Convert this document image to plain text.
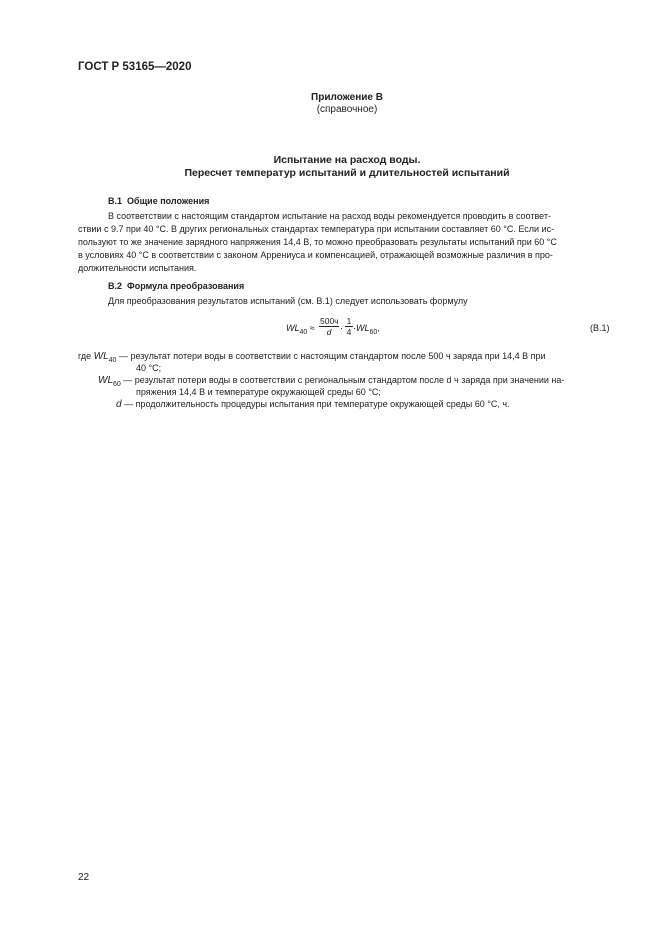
ГОСТ Р 53165—2020
Приложение В
(справочное)
Испытание на расход воды.
Пересчет температур испытаний и длительностей испытаний
В.1 Общие положения
В соответствии с настоящим стандартом испытание на расход воды рекомендуется проводить в соответ-
ствии с 9.7 при 40 °С. В других региональных стандартах температура при испытании составляет 60 °С. Если ис-
пользуют то же значение зарядного напряжения 14,4 В, то можно преобразовать результаты испытаний при 60 °С
в условиях 40 °С в соответствии с законом Аррениуса и компенсацией, отражающей возможные различия в про-
должительности испытания.
В.2 Формула преобразования
Для преобразования результатов испытаний (см. В.1) следует использовать формулу
$WL_{40}$ ≈
500ч
$d \cdot \frac{1}{4} \cdot WL_{60}$,	(В.1)
где $WL_{40}$ — результат потери воды в соответствии с настоящим стандартом после 500 ч заряда при 14,4 В при
40 °С;
$WL_{60}$ — результат потери воды в соответствии с региональным стандартом после d ч заряда при значении на-
пряжения 14,4 В и температуре окружающей среды 60 °С;
d — продолжительность процедуры испытания при температуре окружающей среды 60 °С, ч.
22
